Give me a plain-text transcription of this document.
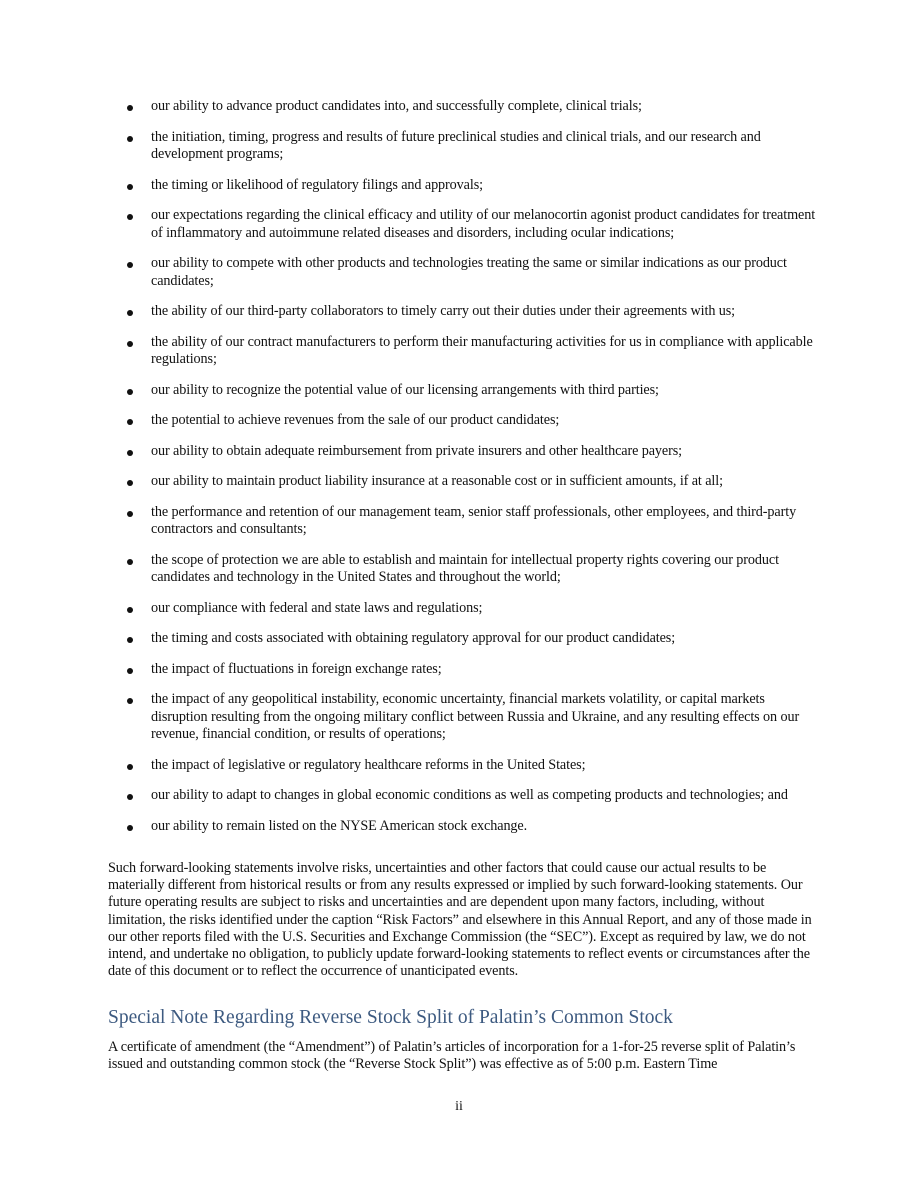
our ability to advance product candidates into, and successfully complete, clinical trials;
the initiation, timing, progress and results of future preclinical studies and clinical trials, and our research and development programs;
the timing or likelihood of regulatory filings and approvals;
our expectations regarding the clinical efficacy and utility of our melanocortin agonist product candidates for treatment of inflammatory and autoimmune related diseases and disorders, including ocular indications;
our ability to compete with other products and technologies treating the same or similar indications as our product candidates;
the ability of our third-party collaborators to timely carry out their duties under their agreements with us;
the ability of our contract manufacturers to perform their manufacturing activities for us in compliance with applicable regulations;
our ability to recognize the potential value of our licensing arrangements with third parties;
the potential to achieve revenues from the sale of our product candidates;
our ability to obtain adequate reimbursement from private insurers and other healthcare payers;
our ability to maintain product liability insurance at a reasonable cost or in sufficient amounts, if at all;
the performance and retention of our management team, senior staff professionals, other employees, and third-party contractors and consultants;
the scope of protection we are able to establish and maintain for intellectual property rights covering our product candidates and technology in the United States and throughout the world;
our compliance with federal and state laws and regulations;
the timing and costs associated with obtaining regulatory approval for our product candidates;
the impact of fluctuations in foreign exchange rates;
the impact of any geopolitical instability, economic uncertainty, financial markets volatility, or capital markets disruption resulting from the ongoing military conflict between Russia and Ukraine, and any resulting effects on our revenue, financial condition, or results of operations;
the impact of legislative or regulatory healthcare reforms in the United States;
our ability to adapt to changes in global economic conditions as well as competing products and technologies; and
our ability to remain listed on the NYSE American stock exchange.

Such forward-looking statements involve risks, uncertainties and other factors that could cause our actual results to be materially different from historical results or from any results expressed or implied by such forward-looking statements. Our future operating results are subject to risks and uncertainties and are dependent upon many factors, including, without limitation, the risks identified under the caption “Risk Factors” and elsewhere in this Annual Report, and any of those made in our other reports filed with the U.S. Securities and Exchange Commission (the “SEC”). Except as required by law, we do not intend, and undertake no obligation, to publicly update forward-looking statements to reflect events or circumstances after the date of this document or to reflect the occurrence of unanticipated events.

Special Note Regarding Reverse Stock Split of Palatin’s Common Stock

A certificate of amendment (the “Amendment”) of Palatin’s articles of incorporation for a 1-for-25 reverse split of Palatin’s issued and outstanding common stock (the “Reverse Stock Split”) was effective as of 5:00 p.m. Eastern Time

ii
